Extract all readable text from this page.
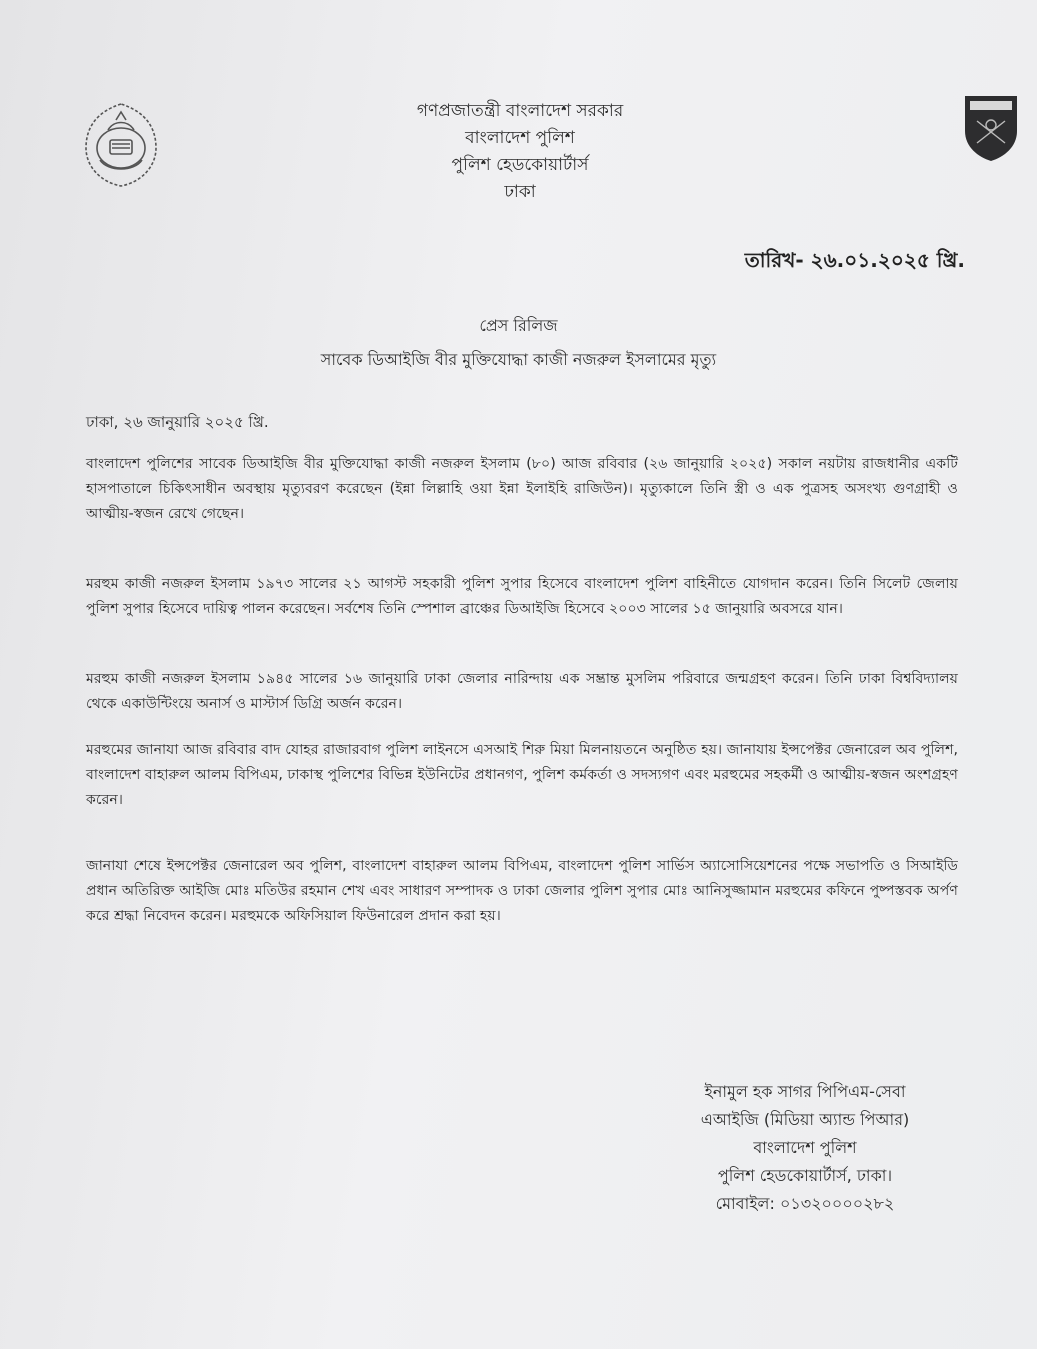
গণপ্রজাতন্ত্রী বাংলাদেশ সরকার
বাংলাদেশ পুলিশ
পুলিশ হেডকোয়ার্টার্স
ঢাকা
তারিখ- ২৬.০১.২০২৫ খ্রি.
প্রেস রিলিজ
সাবেক ডিআইজি বীর মুক্তিযোদ্ধা কাজী নজরুল ইসলামের মৃত্যু
ঢাকা, ২৬ জানুয়ারি ২০২৫ খ্রি.
বাংলাদেশ পুলিশের সাবেক ডিআইজি বীর মুক্তিযোদ্ধা কাজী নজরুল ইসলাম (৮০) আজ রবিবার (২৬ জানুয়ারি ২০২৫) সকাল নয়টায় রাজধানীর একটি হাসপাতালে চিকিৎসাধীন অবস্থায় মৃত্যুবরণ করেছেন (ইন্না লিল্লাহি ওয়া ইন্না ইলাইহি রাজিউন)। মৃত্যুকালে তিনি স্ত্রী ও এক পুত্রসহ অসংখ্য গুণগ্রাহী ও আত্মীয়-স্বজন রেখে গেছেন।
মরহুম কাজী নজরুল ইসলাম ১৯৭৩ সালের ২১ আগস্ট সহকারী পুলিশ সুপার হিসেবে বাংলাদেশ পুলিশ বাহিনীতে যোগদান করেন। তিনি সিলেট জেলায় পুলিশ সুপার হিসেবে দায়িত্ব পালন করেছেন। সর্বশেষ তিনি স্পেশাল ব্রাঞ্চের ডিআইজি হিসেবে ২০০৩ সালের ১৫ জানুয়ারি অবসরে যান।
মরহুম কাজী নজরুল ইসলাম ১৯৪৫ সালের ১৬ জানুয়ারি ঢাকা জেলার নারিন্দায় এক সম্ভ্রান্ত মুসলিম পরিবারে জন্মগ্রহণ করেন। তিনি ঢাকা বিশ্ববিদ্যালয় থেকে একাউন্টিংয়ে অনার্স ও মাস্টার্স ডিগ্রি অর্জন করেন।
মরহুমের জানাযা আজ রবিবার বাদ যোহর রাজারবাগ পুলিশ লাইনসে এসআই শিরু মিয়া মিলনায়তনে অনুষ্ঠিত হয়। জানাযায় ইন্সপেক্টর জেনারেল অব পুলিশ, বাংলাদেশ বাহারুল আলম বিপিএম, ঢাকাস্থ পুলিশের বিভিন্ন ইউনিটের প্রধানগণ, পুলিশ কর্মকর্তা ও সদস্যগণ এবং মরহুমের সহকর্মী ও আত্মীয়-স্বজন অংশগ্রহণ করেন।
জানাযা শেষে ইন্সপেক্টর জেনারেল অব পুলিশ, বাংলাদেশ বাহারুল আলম বিপিএম, বাংলাদেশ পুলিশ সার্ভিস অ্যাসোসিয়েশনের পক্ষে সভাপতি ও সিআইডি প্রধান অতিরিক্ত আইজি মোঃ মতিউর রহমান শেখ এবং সাধারণ সম্পাদক ও ঢাকা জেলার পুলিশ সুপার মোঃ আনিসুজ্জামান মরহুমের কফিনে পুষ্পস্তবক অর্পণ করে শ্রদ্ধা নিবেদন করেন। মরহুমকে অফিসিয়াল ফিউনারেল প্রদান করা হয়।
ইনামুল হক সাগর পিপিএম-সেবা
এআইজি (মিডিয়া অ্যান্ড পিআর)
বাংলাদেশ পুলিশ
পুলিশ হেডকোয়ার্টার্স, ঢাকা।
মোবাইল: ০১৩২০০০০২৮২
